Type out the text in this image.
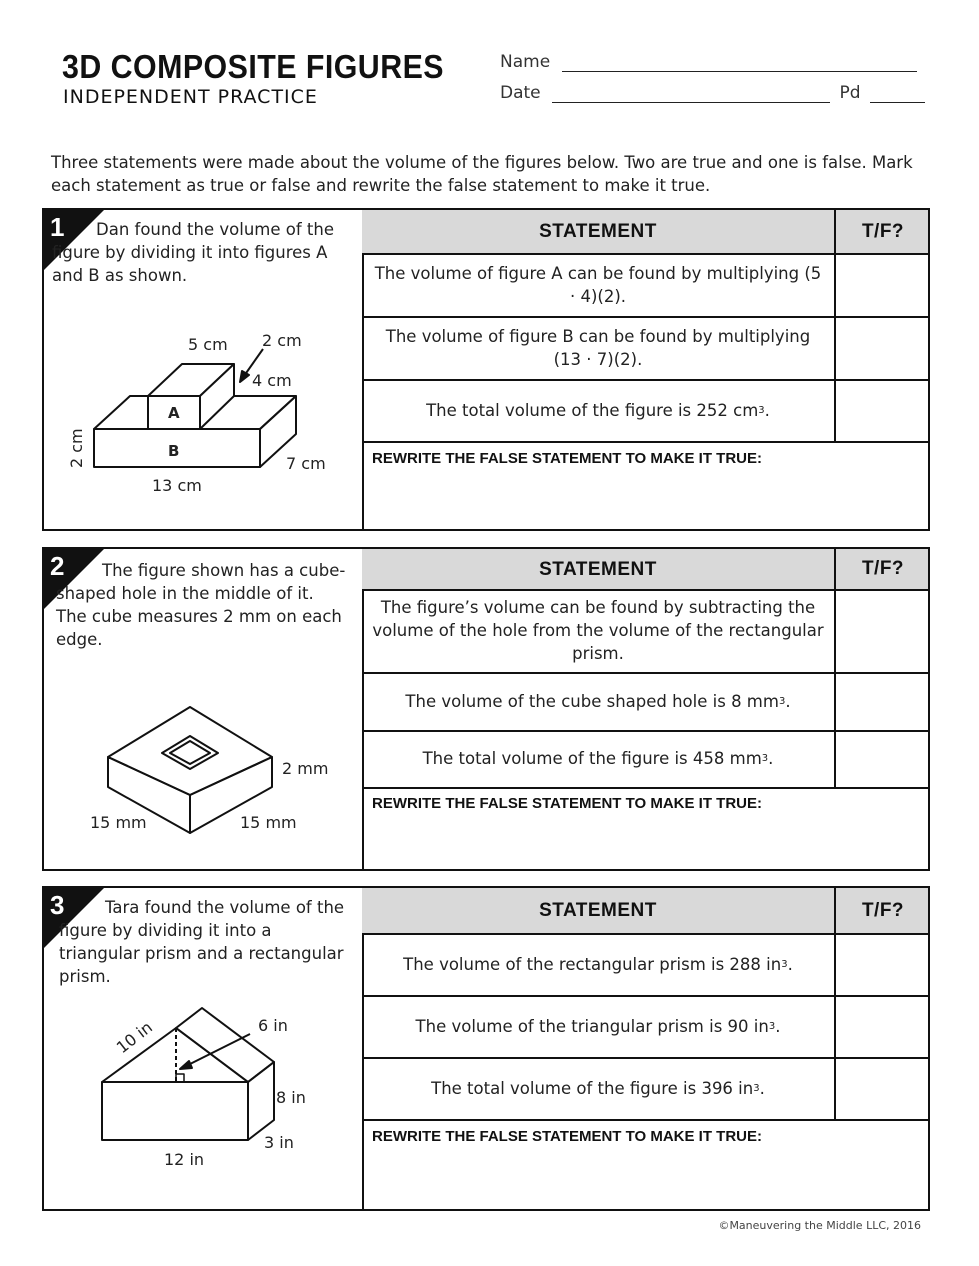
3D COMPOSITE FIGURES
INDEPENDENT PRACTICE
Name
Date	Pd
Three statements were made about the volume of the figures below. Two are true and one is false. Mark each statement as true or false and rewrite the false statement to make it true.
1	Dan found the volume of the figure by dividing it into figures A and B as shown.
A
B
5 cm 2 cm
4 cm
2 cm	7 cm
13 cm
STATEMENT	T/F?
The volume of figure A can be found by multiplying (5 · 4)(2).
The volume of figure B can be found by multiplying (13 · 7)(2).
The total volume of the figure is 252 cm 3 .
REWRITE THE FALSE STATEMENT TO MAKE IT TRUE:
2	The figure shown has a cube-shaped hole in the middle of it. The cube measures 2 mm on each edge.
2 mm
15 mm	15 mm
STATEMENT	T/F?
The figure’s volume can be found by subtracting the volume of the hole from the volume of the rectangular prism.
The volume of the cube shaped hole is 8 mm 3 .
The total volume of the figure is 458 mm 3 .
REWRITE THE FALSE STATEMENT TO MAKE IT TRUE:
3	Tara found the volume of the figure by dividing it into a triangular prism and a rectangular prism.
10 in	6 in
8 in
3 in
12 in
STATEMENT	T/F?
The volume of the rectangular prism is 288 in 3 .
The volume of the triangular prism is 90 in 3 .
The total volume of the figure is 396 in 3 .
REWRITE THE FALSE STATEMENT TO MAKE IT TRUE:
©Maneuvering the Middle LLC, 2016
